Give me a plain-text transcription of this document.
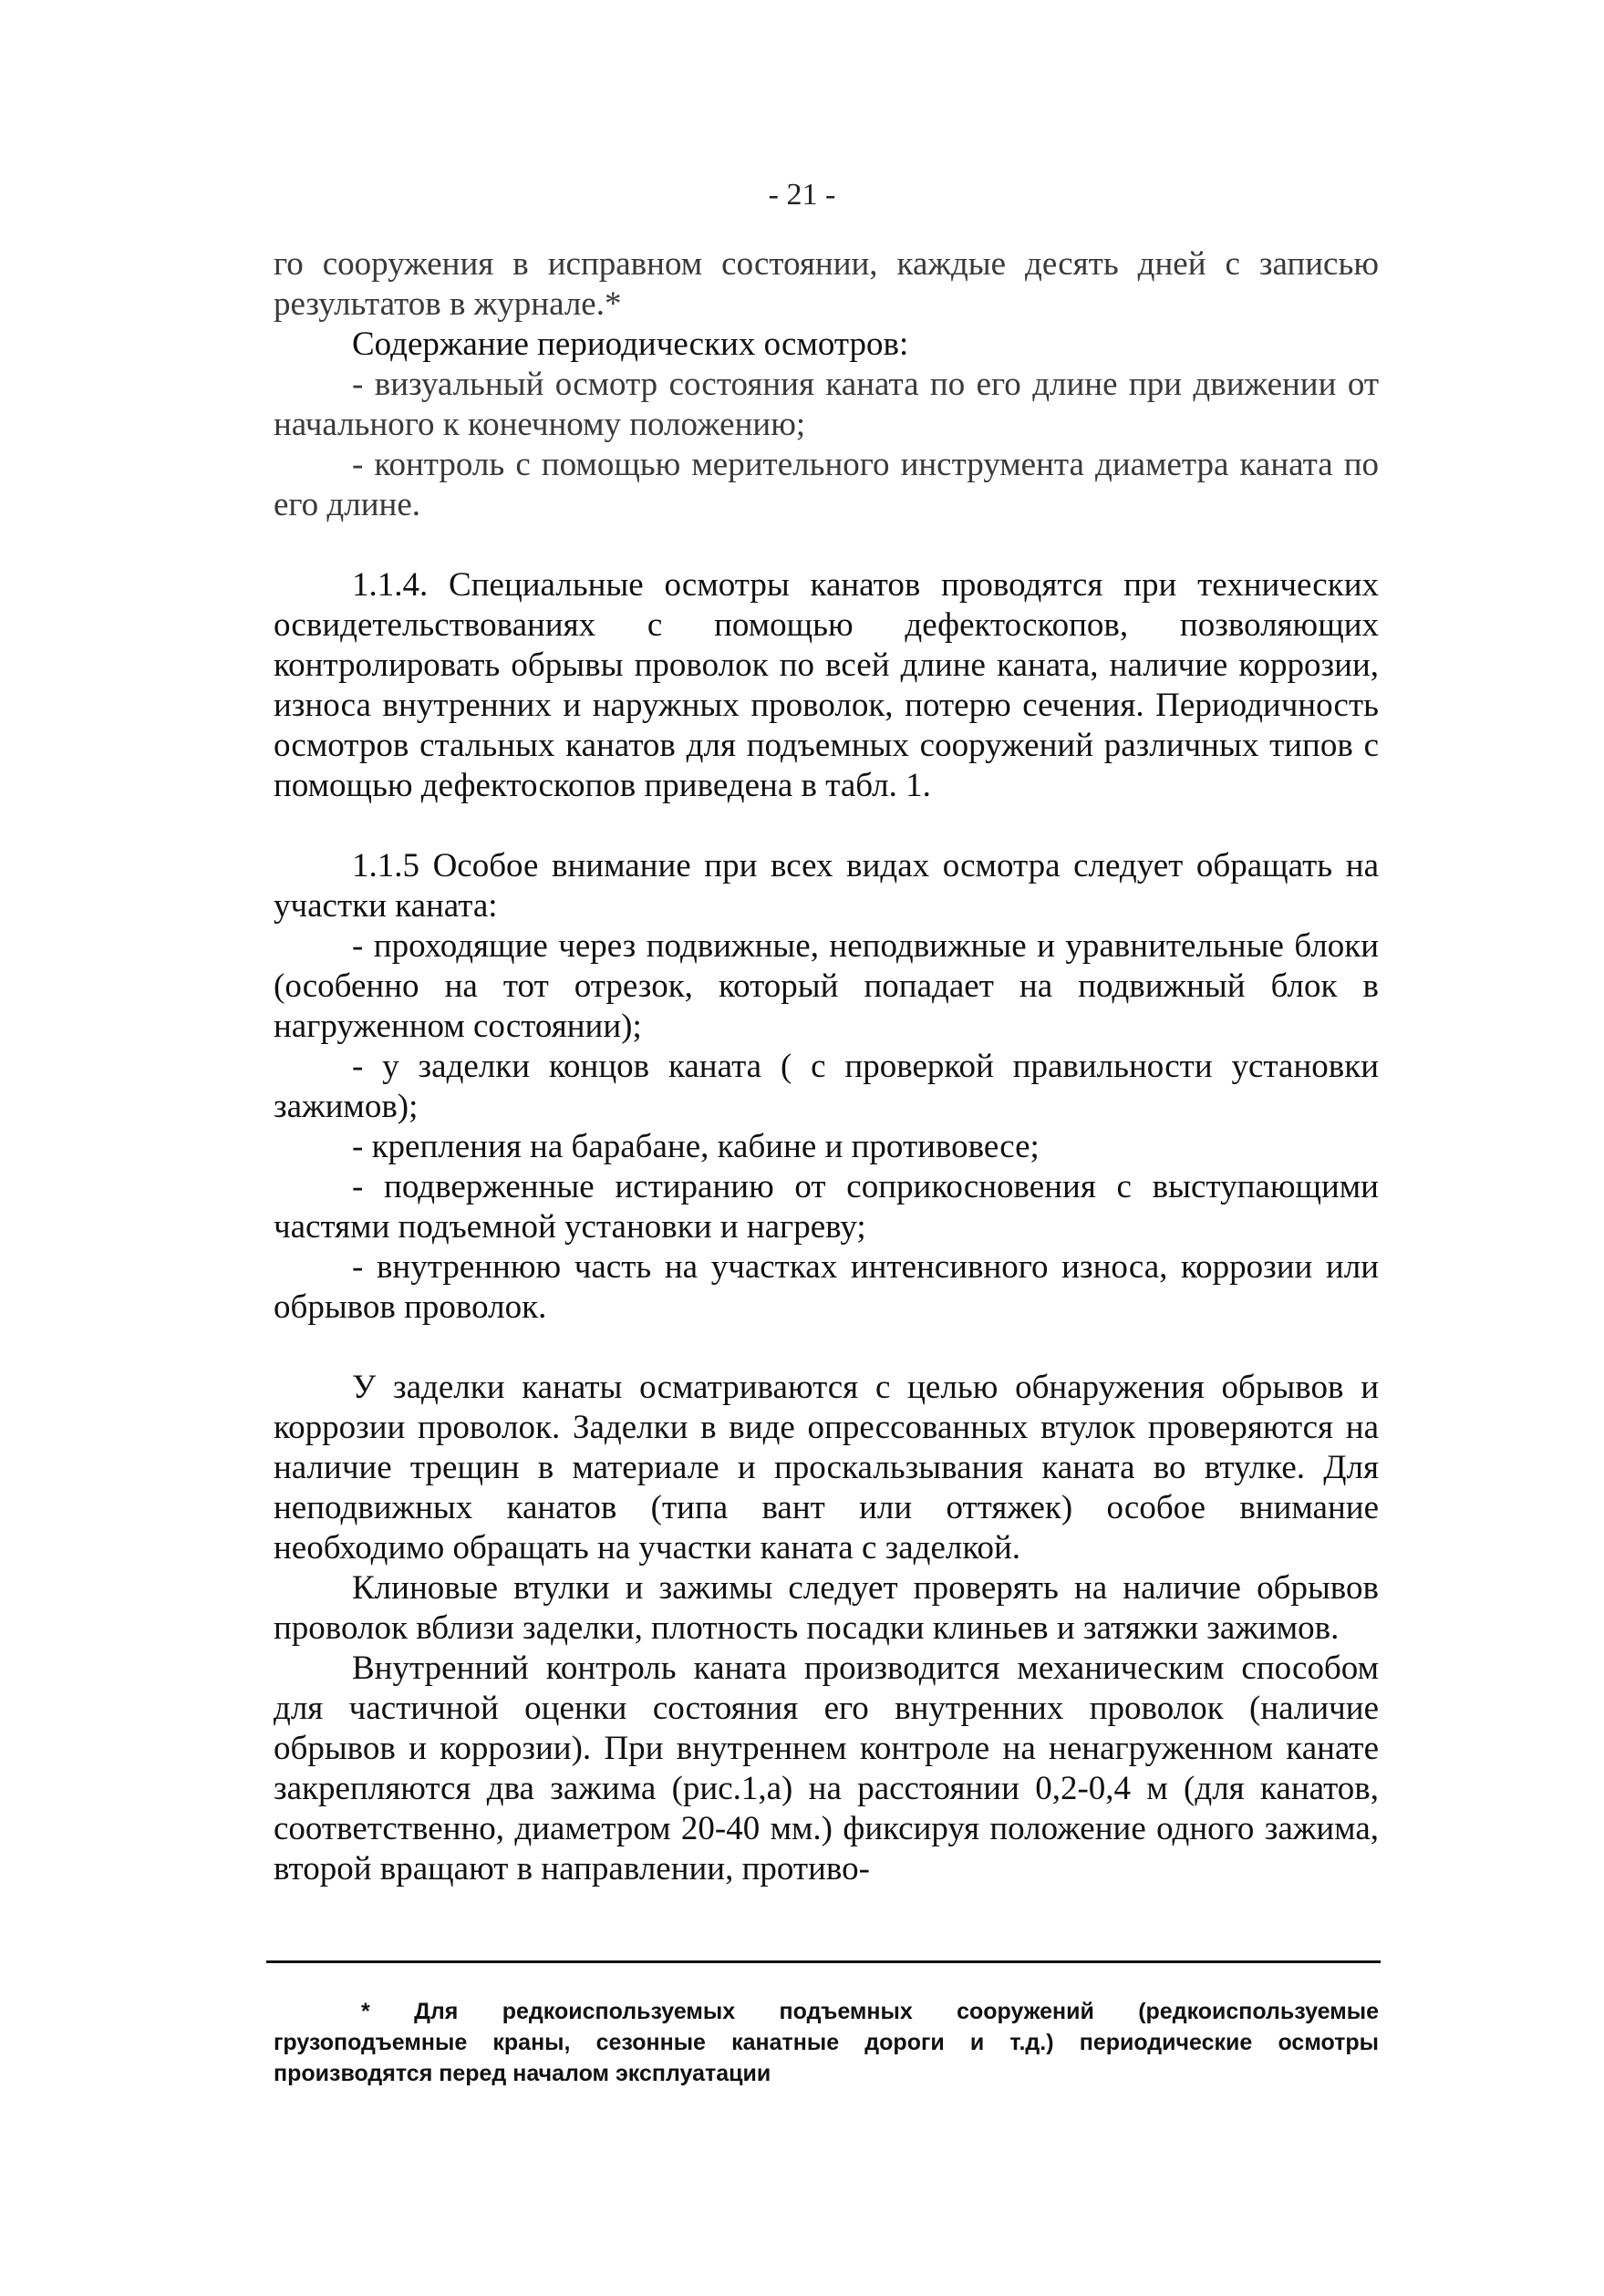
- 21 -

го сооружения в исправном состоянии, каждые десять дней с записью результатов в журнале.*

Содержание периодических осмотров:

- визуальный осмотр состояния каната по его длине при движении от начального к конечному положению;

- контроль с помощью мерительного инструмента диаметра каната по его длине.

1.1.4. Специальные осмотры канатов проводятся при технических освидетельствованиях с помощью дефектоскопов, позволяющих контролировать обрывы проволок по всей длине каната, наличие коррозии, износа внутренних и наружных проволок, потерю сечения. Периодичность осмотров стальных канатов для подъемных сооружений различных типов с помощью дефектоскопов приведена в табл. 1.

1.1.5 Особое внимание при всех видах осмотра следует обращать на участки каната:

- проходящие через подвижные, неподвижные и уравнительные блоки (особенно на тот отрезок, который попадает на подвижный блок в нагруженном состоянии);

- у заделки концов каната ( с проверкой правильности установки зажимов);

- крепления на барабане, кабине и противовесе;

- подверженные истиранию от соприкосновения с выступающими частями подъемной установки и нагреву;

- внутреннюю часть на участках интенсивного износа, коррозии или обрывов проволок.

У заделки канаты осматриваются с целью обнаружения обрывов и коррозии проволок. Заделки в виде опрессованных втулок проверяются на наличие трещин в материале и проскальзывания каната во втулке. Для неподвижных канатов (типа вант или оттяжек) особое внимание необходимо обращать на участки каната с заделкой.

Клиновые втулки и зажимы следует проверять на наличие обрывов проволок вблизи заделки, плотность посадки клиньев и затяжки зажимов.

Внутренний контроль каната производится механическим способом для частичной оценки состояния его внутренних проволок (наличие обрывов и коррозии). При внутреннем контроле на ненагруженном канате закрепляются два зажима (рис.1,а) на расстоянии 0,2-0,4 м (для канатов, соответственно, диаметром 20-40 мм.) фиксируя положение одного зажима, второй вращают в направлении, противо-

* Для редкоиспользуемых подъемных сооружений (редкоиспользуемые грузоподъемные краны, сезонные канатные дороги и т.д.) периодические осмотры производятся перед началом эксплуатации
